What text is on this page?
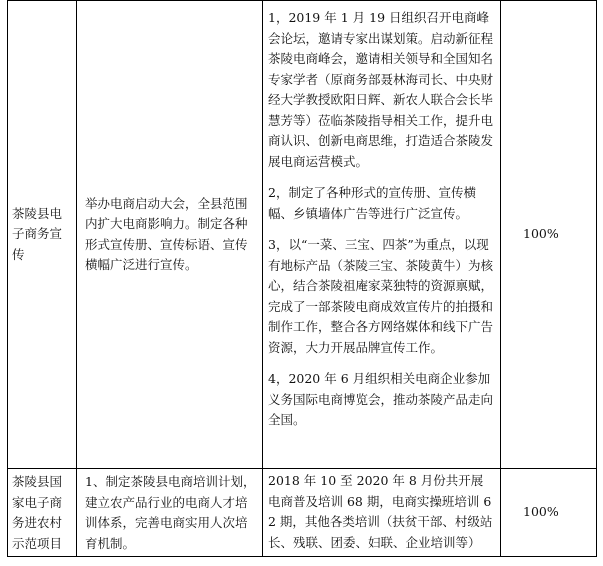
茶陵县电子商务宣传	举办电商启动大会，全县范围内扩大电商影响力。制定各种形式宣传册、宣传标语、宣传横幅广泛进行宣传。	1，2019 年 1 月 19 日组织召开电商峰会论坛，邀请专家出谋划策。启动新征程茶陵电商峰会，邀请相关领导和全国知名专家学者（原商务部聂林海司长、中央财经大学教授欧阳日辉、新农人联合会长毕慧芳等）莅临茶陵指导相关工作，提升电商认识、创新电商思维，打造适合茶陵发展电商运营模式。

2，制定了各种形式的宣传册、宣传横幅、乡镇墙体广告等进行广泛宣传。

3，以“一菜、三宝、四茶”为重点，以现有地标产品（茶陵三宝、茶陵黄牛）为核心，结合茶陵祖庵家菜独特的资源禀赋，完成了一部茶陵电商成效宣传片的拍摄和制作工作，整合各方网络媒体和线下广告资源，大力开展品牌宣传工作。

4，2020 年 6 月组织相关电商企业参加义务国际电商博览会，推动茶陵产品走向全国。	100%
茶陵县国家电子商务进农村示范项目	1、制定茶陵县电商培训计划，建立农产品行业的电商人才培训体系，完善电商实用人次培育机制。	2018 年 10 至 2020 年 8 月份共开展电商普及培训 68 期，电商实操班培训 62 期，其他各类培训（扶贫干部、村级站长、残联、团委、妇联、企业培训等）	100%
